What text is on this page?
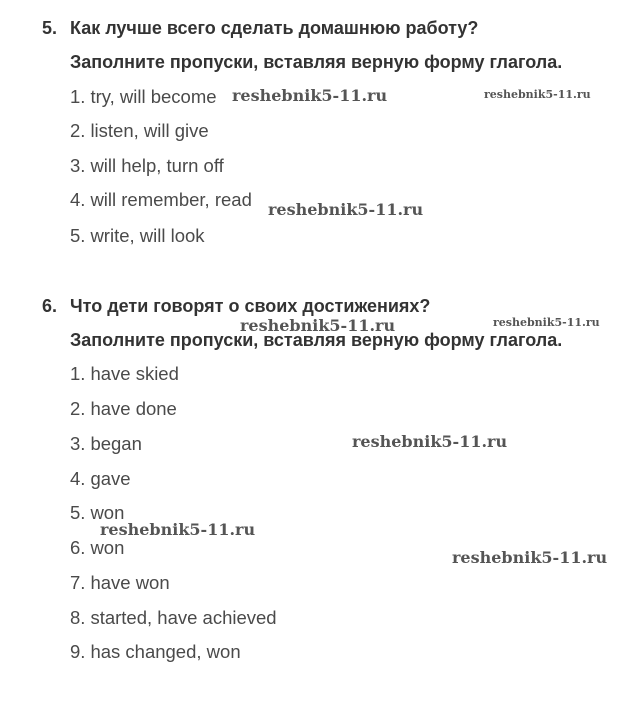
5. Как лучше всего сделать домашнюю работу?
Заполните пропуски, вставляя верную форму глагола.
1. try, will become
2. listen, will give
3. will help, turn off
4. will remember, read
5. write, will look
6. Что дети говорят о своих достижениях?
Заполните пропуски, вставляя верную форму глагола.
1. have skied
2. have done
3. began
4. gave
5. won
6. won
7. have won
8. started, have achieved
9. has changed, won
reshebnik5-11.ru	reshebnik5-11.ru
reshebnik5-11.ru
reshebnik5-11.ru	reshebnik5-11.ru
reshebnik5-11.ru
reshebnik5-11.ru
reshebnik5-11.ru
